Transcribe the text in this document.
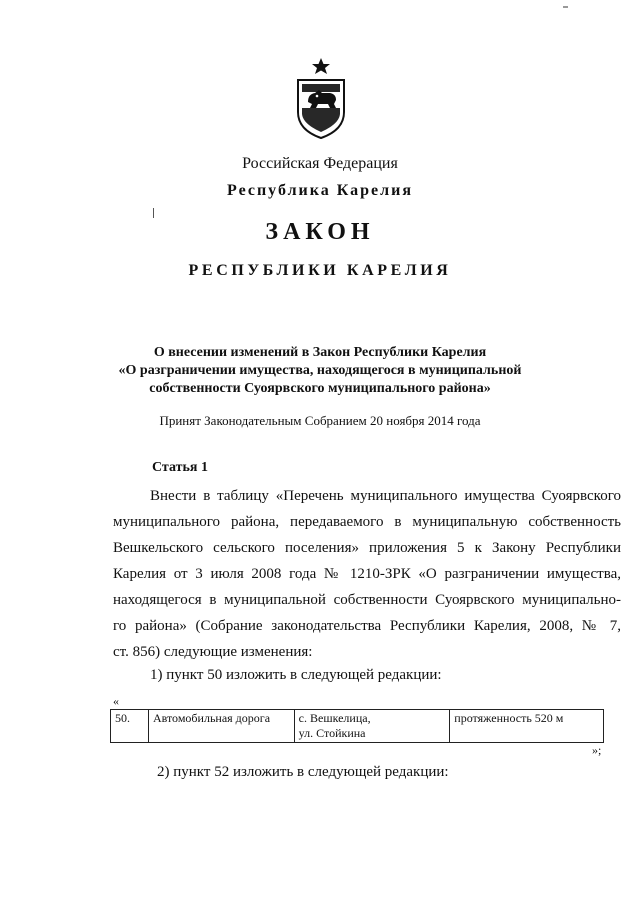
Российская Федерация
Республика Карелия
ЗАКОН
РЕСПУБЛИКИ КАРЕЛИЯ
О внесении изменений в Закон Республики Карелия
«О разграничении имущества, находящегося в муниципальной
собственности Суоярвского муниципального района»
Принят Законодательным Собранием 20 ноября 2014 года
Статья 1
Внести в таблицу «Перечень муниципального имущества Суоярвского
муниципального района, передаваемого в муниципальную собственность
Вешкельского сельского поселения» приложения 5 к Закону Республики
Карелия от 3 июля 2008 года № 1210-ЗРК «О разграничении имущества,
находящегося в муниципальной собственности Суоярвского муниципально-
го района» (Собрание законодательства Республики Карелия, 2008, № 7,
ст. 856) следующие изменения:
1) пункт 50 изложить в следующей редакции:
«
50.	Автомобильная дорога	с. Вешкелица,
ул. Стойкина
	протяженность 520 м
»;
2) пункт 52 изложить в следующей редакции:
